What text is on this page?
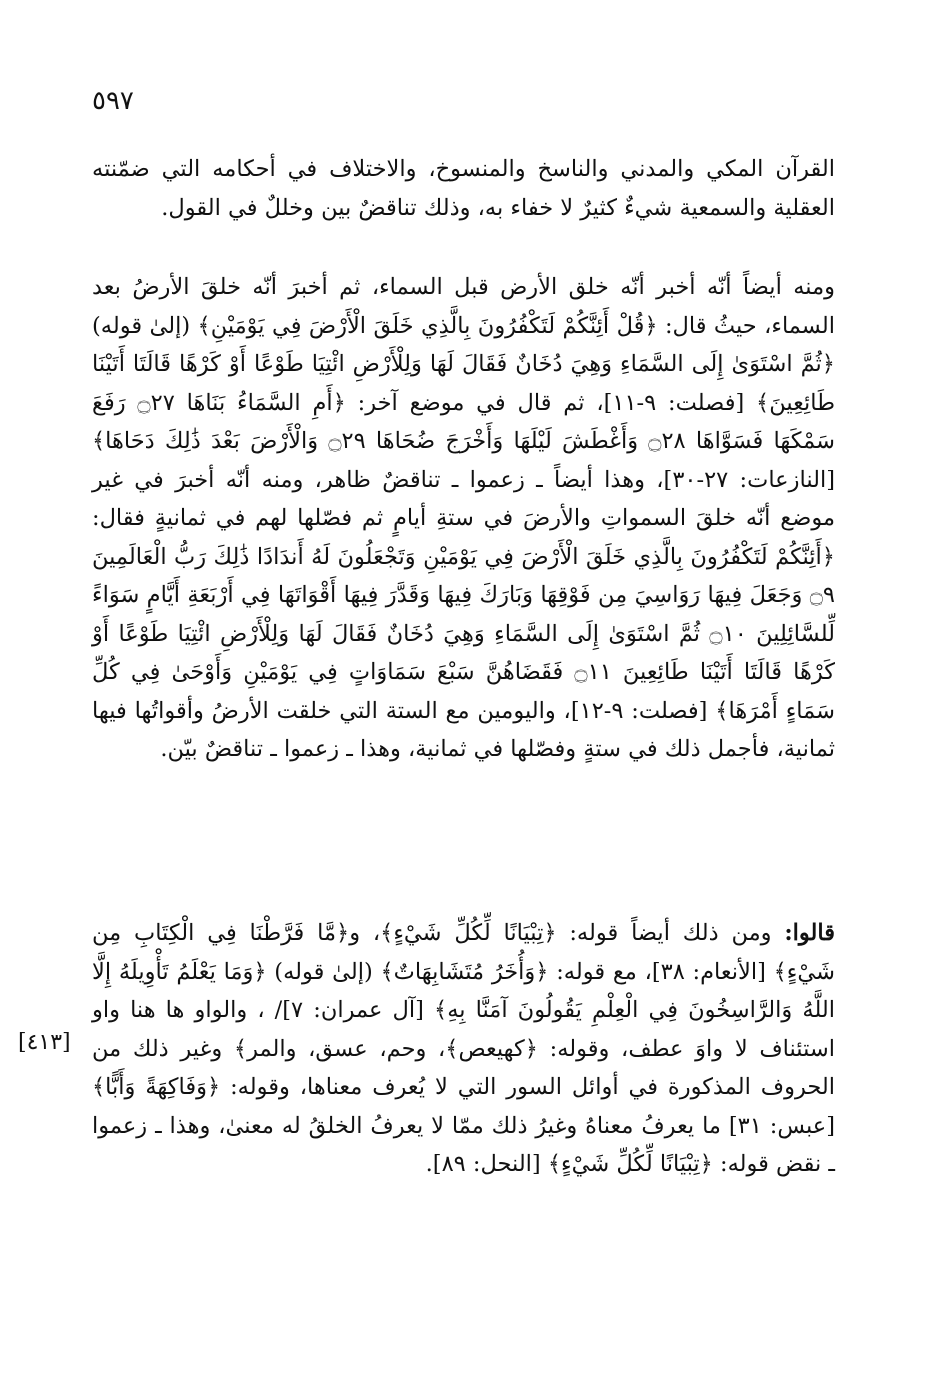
٥٩٧
[٤١٣]
القرآن المكي والمدني والناسخ والمنسوخ، والاختلاف في أحكامه التي ضمّنته العقلية والسمعية شيءٌ كثيرٌ لا خفاء به، وذلك تناقضٌ بين وخللٌ في القول.
ومنه أيضاً أنّه أخبر أنّه خلق الأرض قبل السماء، ثم أخبرَ أنّه خلقَ الأرضُ بعد السماء، حيثُ قال: ﴿قُلْ أَئِنَّكُمْ لَتَكْفُرُونَ بِالَّذِي خَلَقَ الْأَرْضَ فِي يَوْمَيْنِ﴾ (إلىٰ قوله) ﴿ثُمَّ اسْتَوَىٰ إِلَى السَّمَاءِ وَهِيَ دُخَانٌ فَقَالَ لَهَا وَلِلْأَرْضِ ائْتِيَا طَوْعًا أَوْ كَرْهًا قَالَتَا أَتَيْنَا طَائِعِينَ﴾ [فصلت: ٩-١١]، ثم قال في موضع آخر: ﴿أَمِ السَّمَاءُ بَنَاهَا ۝٢٧ رَفَعَ سَمْكَهَا فَسَوَّاهَا ۝٢٨ وَأَغْطَشَ لَيْلَهَا وَأَخْرَجَ ضُحَاهَا ۝٢٩ وَالْأَرْضَ بَعْدَ ذَٰلِكَ دَحَاهَا﴾ [النازعات: ٢٧-٣٠]، وهذا أيضاً ـ زعموا ـ تناقضٌ ظاهر، ومنه أنّه أخبرَ في غير موضع أنّه خلقَ السمواتِ والأرضَ في ستةِ أيامٍ ثم فصّلها لهم في ثمانيةٍ فقال: ﴿أَئِنَّكُمْ لَتَكْفُرُونَ بِالَّذِي خَلَقَ الْأَرْضَ فِي يَوْمَيْنِ وَتَجْعَلُونَ لَهُ أَندَادًا ذَٰلِكَ رَبُّ الْعَالَمِينَ ۝٩ وَجَعَلَ فِيهَا رَوَاسِيَ مِن فَوْقِهَا وَبَارَكَ فِيهَا وَقَدَّرَ فِيهَا أَقْوَاتَهَا فِي أَرْبَعَةِ أَيَّامٍ سَوَاءً لِّلسَّائِلِينَ ۝١٠ ثُمَّ اسْتَوَىٰ إِلَى السَّمَاءِ وَهِيَ دُخَانٌ فَقَالَ لَهَا وَلِلْأَرْضِ ائْتِيَا طَوْعًا أَوْ كَرْهًا قَالَتَا أَتَيْنَا طَائِعِينَ ۝١١ فَقَضَاهُنَّ سَبْعَ سَمَاوَاتٍ فِي يَوْمَيْنِ وَأَوْحَىٰ فِي كُلِّ سَمَاءٍ أَمْرَهَا﴾ [فصلت: ٩-١٢]، واليومين مع الستة التي خلقت الأرضُ وأقواتُها فيها ثمانية، فأجمل ذلك في ستةٍ وفصّلها في ثمانية، وهذا ـ زعموا ـ تناقضٌ بيّن.
قالوا: ومن ذلك أيضاً قوله: ﴿تِبْيَانًا لِّكُلِّ شَيْءٍ﴾، و﴿مَّا فَرَّطْنَا فِي الْكِتَابِ مِن شَيْءٍ﴾ [الأنعام: ٣٨]، مع قوله: ﴿وَأُخَرُ مُتَشَابِهَاتٌ﴾ (إلىٰ قوله) ﴿وَمَا يَعْلَمُ تَأْوِيلَهُ إِلَّا اللَّهُ وَالرَّاسِخُونَ فِي الْعِلْمِ يَقُولُونَ آمَنَّا بِهِ﴾ [آل عمران: ٧]/ ، والواو ها هنا واو استئناف لا واوَ عطف، وقوله: ﴿كهيعص﴾، وحم، عسق، والمر﴾ وغير ذلك من الحروف المذكورة في أوائل السور التي لا يُعرف معناها، وقوله: ﴿وَفَاكِهَةً وَأَبًّا﴾ [عبس: ٣١] ما يعرفُ معناهُ وغيرُ ذلك ممّا لا يعرفُ الخلقُ له معنىٰ، وهذا ـ زعموا ـ نقض قوله: ﴿تِبْيَانًا لِّكُلِّ شَيْءٍ﴾ [النحل: ٨٩].
